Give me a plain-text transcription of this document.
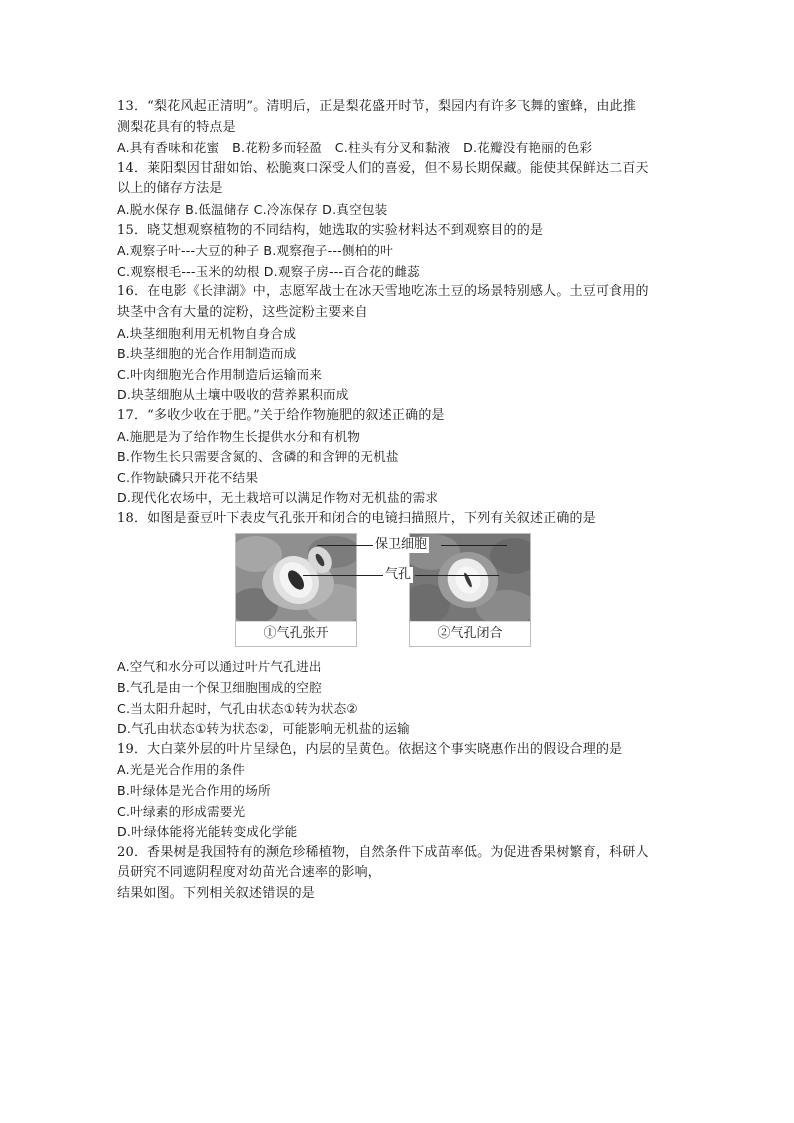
13．“梨花风起正清明”。清明后，正是梨花盛开时节，梨园内有许多飞舞的蜜蜂，由此推
测梨花具有的特点是
A.具有香味和花蜜　B.花粉多而轻盈　C.柱头有分叉和黏液　D.花瓣没有艳丽的色彩
14．莱阳梨因甘甜如饴、松脆爽口深受人们的喜爱，但不易长期保藏。能使其保鲜达二百天
以上的储存方法是
A.脱水保存 B.低温储存 C.冷冻保存 D.真空包装
15．晓艾想观察植物的不同结构，她选取的实验材料达不到观察目的的是
A.观察子叶---大豆的种子 B.观察孢子---侧柏的叶
C.观察根毛---玉米的幼根 D.观察子房---百合花的雌蕊
16．在电影《长津湖》中，志愿军战士在冰天雪地吃冻土豆的场景特别感人。土豆可食用的
块茎中含有大量的淀粉，这些淀粉主要来自
A.块茎细胞利用无机物自身合成
B.块茎细胞的光合作用制造而成
C.叶肉细胞光合作用制造后运输而来
D.块茎细胞从土壤中吸收的营养累积而成
17．“多收少收在于肥。”关于给作物施肥的叙述正确的是
A.施肥是为了给作物生长提供水分和有机物
B.作物生长只需要含氮的、含磷的和含钾的无机盐
C.作物缺磷只开花不结果
D.现代化农场中，无土栽培可以满足作物对无机盐的需求
18．如图是蚕豆叶下表皮气孔张开和闭合的电镜扫描照片，下列有关叙述正确的是
①气孔张开	②气孔闭合
保卫细胞
气孔
A.空气和水分可以通过叶片气孔进出
B.气孔是由一个保卫细胞围成的空腔
C.当太阳升起时，气孔由状态①转为状态②
D.气孔由状态①转为状态②，可能影响无机盐的运输
19．大白菜外层的叶片呈绿色，内层的呈黄色。依据这个事实晓惠作出的假设合理的是
A.光是光合作用的条件
B.叶绿体是光合作用的场所
C.叶绿素的形成需要光
D.叶绿体能将光能转变成化学能
20．香果树是我国特有的濒危珍稀植物，自然条件下成苗率低。为促进香果树繁育，科研人
员研究不同遮阴程度对幼苗光合速率的影响，
结果如图。下列相关叙述错误的是
